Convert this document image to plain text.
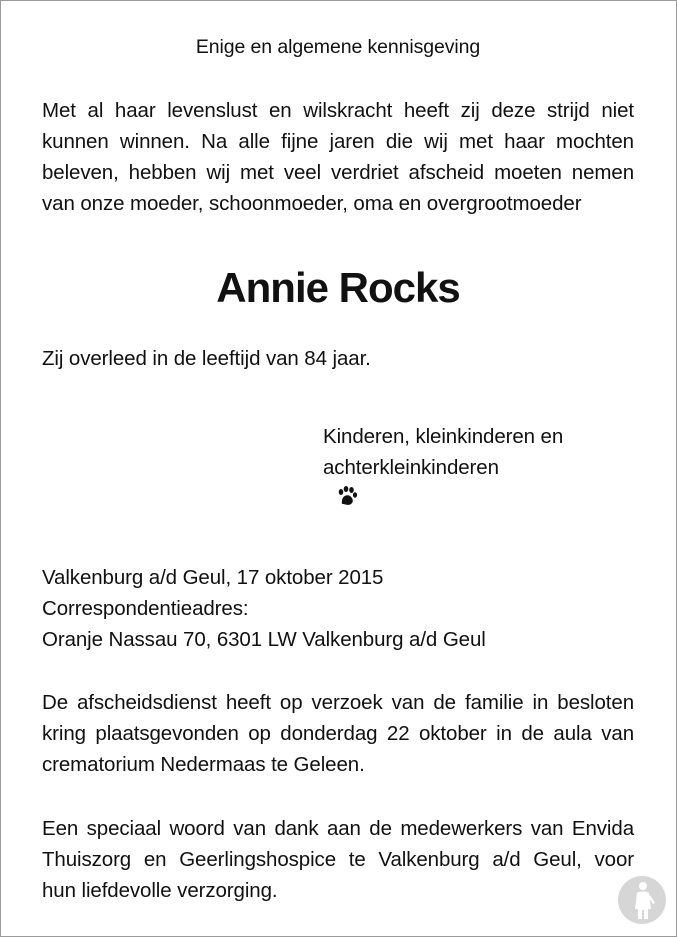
Enige en algemene kennisgeving
Met al haar levenslust en wilskracht heeft zij deze strijd niet
kunnen winnen. Na alle fijne jaren die wij met haar mochten
beleven, hebben wij met veel verdriet afscheid moeten nemen
van onze moeder, schoonmoeder, oma en overgrootmoeder
Annie Rocks
Zij overleed in de leeftijd van 84 jaar.
Kinderen, kleinkinderen en
achterkleinkinderen
Valkenburg a/d Geul, 17 oktober 2015
Correspondentieadres:
Oranje Nassau 70, 6301 LW Valkenburg a/d Geul
De afscheidsdienst heeft op verzoek van de familie in besloten
kring plaatsgevonden op donderdag 22 oktober in de aula van
crematorium Nedermaas te Geleen.
Een speciaal woord van dank aan de medewerkers van Envida
Thuiszorg en Geerlingshospice te Valkenburg a/d Geul, voor
hun liefdevolle verzorging.
